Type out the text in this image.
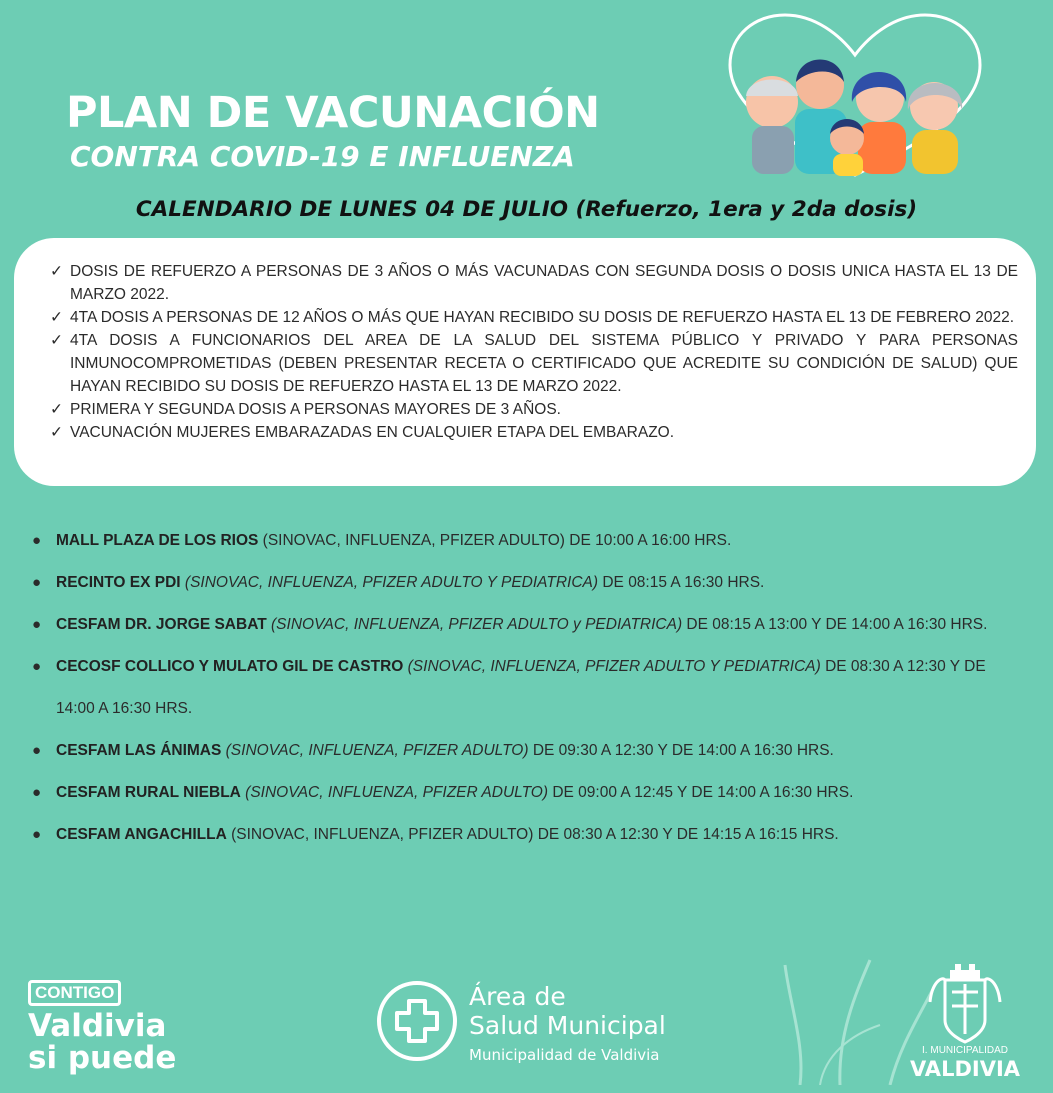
PLAN DE VACUNACIÓN
CONTRA COVID-19 E INFLUENZA
CALENDARIO DE LUNES 04 DE JULIO (Refuerzo, 1era y 2da dosis)
✓ DOSIS DE REFUERZO A PERSONAS DE 3 AÑOS O MÁS VACUNADAS CON SEGUNDA DOSIS O DOSIS UNICA HASTA EL 13 DE MARZO 2022.
✓ 4TA DOSIS A PERSONAS DE 12 AÑOS O MÁS QUE HAYAN RECIBIDO SU DOSIS DE REFUERZO HASTA EL 13 DE FEBRERO 2022.
✓ 4TA DOSIS A FUNCIONARIOS DEL AREA DE LA SALUD DEL SISTEMA PÚBLICO Y PRIVADO Y PARA PERSONAS INMUNOCOMPROMETIDAS (DEBEN PRESENTAR RECETA O CERTIFICADO QUE ACREDITE SU CONDICIÓN DE SALUD) QUE HAYAN RECIBIDO SU DOSIS DE REFUERZO HASTA EL 13 DE MARZO 2022.
✓ PRIMERA Y SEGUNDA DOSIS A PERSONAS MAYORES DE 3 AÑOS.
✓ VACUNACIÓN MUJERES EMBARAZADAS EN CUALQUIER ETAPA DEL EMBARAZO.
● MALL PLAZA DE LOS RIOS (SINOVAC, INFLUENZA, PFIZER ADULTO) DE 10:00 A 16:00 HRS.
● RECINTO EX PDI (SINOVAC, INFLUENZA, PFIZER ADULTO Y PEDIATRICA) DE 08:15 A 16:30 HRS.
● CESFAM DR. JORGE SABAT (SINOVAC, INFLUENZA, PFIZER ADULTO y PEDIATRICA) DE 08:15 A 13:00 Y DE 14:00 A 16:30 HRS.
● CECOSF COLLICO Y MULATO GIL DE CASTRO (SINOVAC, INFLUENZA, PFIZER ADULTO Y PEDIATRICA) DE 08:30 A 12:30 Y DE 14:00 A 16:30 HRS.
● CESFAM LAS ÁNIMAS (SINOVAC, INFLUENZA, PFIZER ADULTO) DE 09:30 A 12:30 Y DE 14:00 A 16:30 HRS.
● CESFAM RURAL NIEBLA (SINOVAC, INFLUENZA, PFIZER ADULTO) DE 09:00 A 12:45 Y DE 14:00 A 16:30 HRS.
● CESFAM ANGACHILLA (SINOVAC, INFLUENZA, PFIZER ADULTO) DE 08:30 A 12:30 Y DE 14:15 A 16:15 HRS.
CONTIGO
Valdivia
si puede
Área de
Salud Municipal
Municipalidad de Valdivia	I. MUNICIPALIDAD
VALDIVIA
